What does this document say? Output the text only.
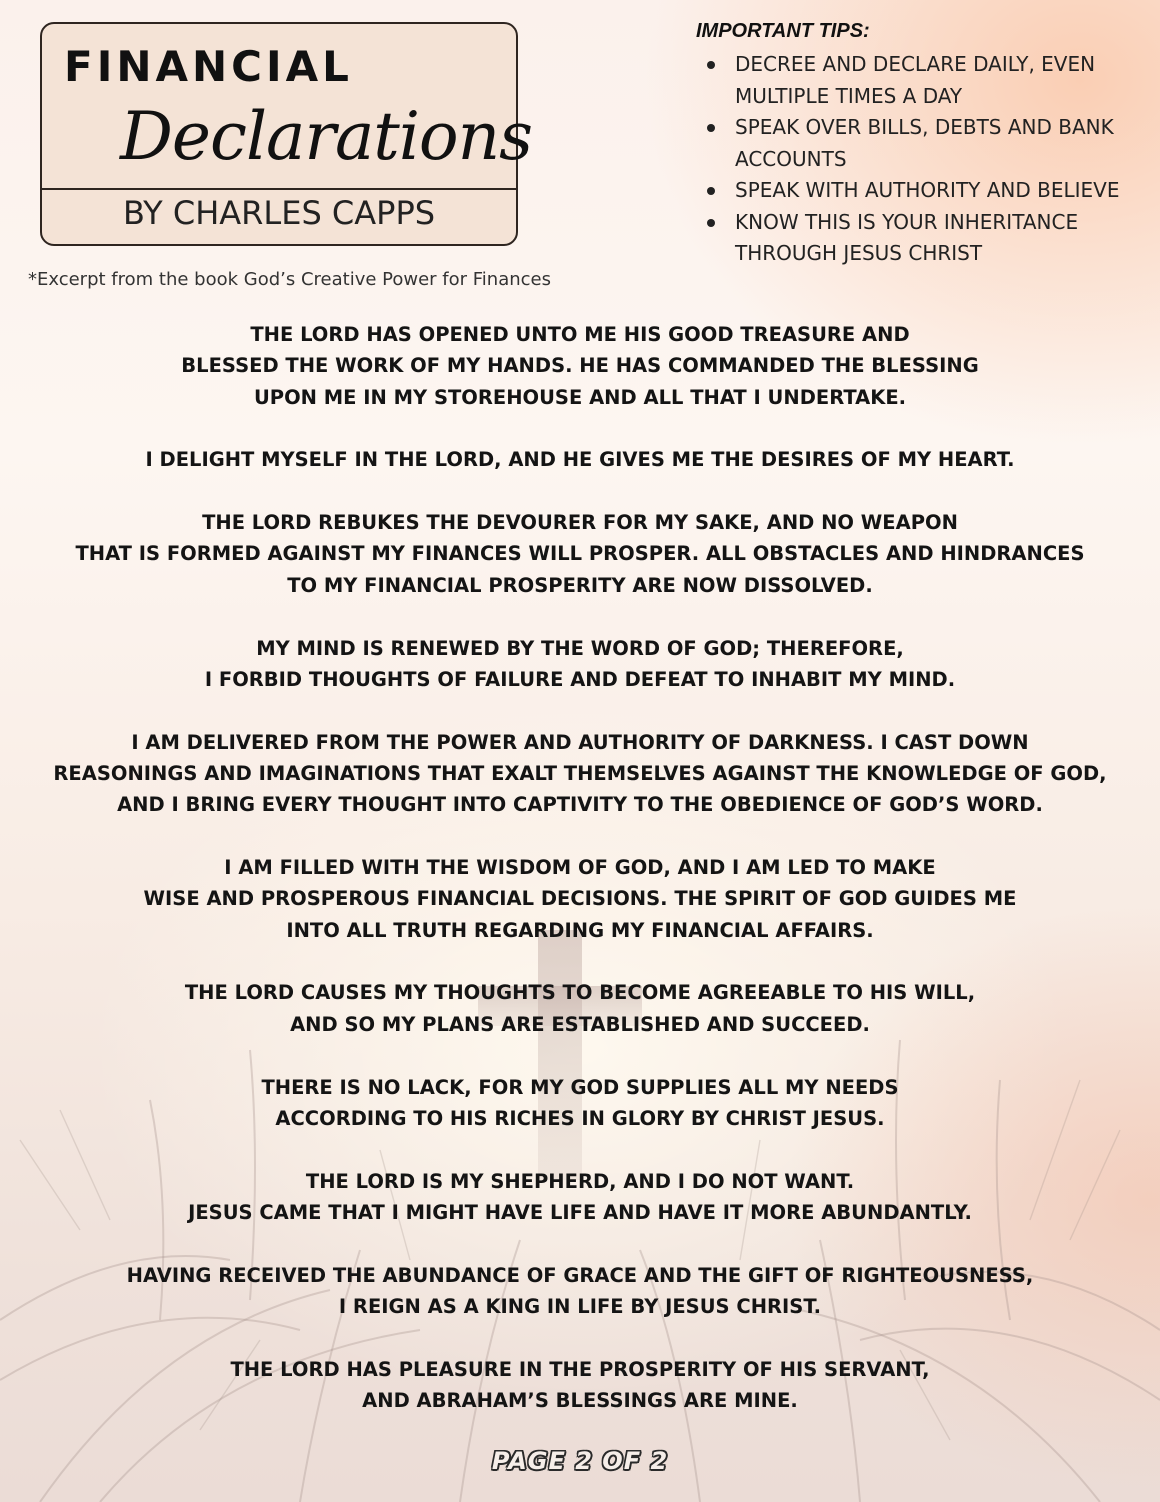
FINANCIAL
Declarations
BY CHARLES CAPPS
*Excerpt from the book God’s Creative Power for Finances
IMPORTANT TIPS:
DECREE AND DECLARE DAILY, EVEN MULTIPLE TIMES A DAY
SPEAK OVER BILLS, DEBTS AND BANK ACCOUNTS
SPEAK WITH AUTHORITY AND BELIEVE
KNOW THIS IS YOUR INHERITANCE THROUGH JESUS CHRIST

THE LORD HAS OPENED UNTO ME HIS GOOD TREASURE AND
BLESSED THE WORK OF MY HANDS. HE HAS COMMANDED THE BLESSING
UPON ME IN MY STOREHOUSE AND ALL THAT I UNDERTAKE.

I DELIGHT MYSELF IN THE LORD, AND HE GIVES ME THE DESIRES OF MY HEART.

THE LORD REBUKES THE DEVOURER FOR MY SAKE, AND NO WEAPON
THAT IS FORMED AGAINST MY FINANCES WILL PROSPER. ALL OBSTACLES AND HINDRANCES
TO MY FINANCIAL PROSPERITY ARE NOW DISSOLVED.

MY MIND IS RENEWED BY THE WORD OF GOD; THEREFORE,
I FORBID THOUGHTS OF FAILURE AND DEFEAT TO INHABIT MY MIND.

I AM DELIVERED FROM THE POWER AND AUTHORITY OF DARKNESS. I CAST DOWN
REASONINGS AND IMAGINATIONS THAT EXALT THEMSELVES AGAINST THE KNOWLEDGE OF GOD,
AND I BRING EVERY THOUGHT INTO CAPTIVITY TO THE OBEDIENCE OF GOD’S WORD.

I AM FILLED WITH THE WISDOM OF GOD, AND I AM LED TO MAKE
WISE AND PROSPEROUS FINANCIAL DECISIONS. THE SPIRIT OF GOD GUIDES ME
INTO ALL TRUTH REGARDING MY FINANCIAL AFFAIRS.

THE LORD CAUSES MY THOUGHTS TO BECOME AGREEABLE TO HIS WILL,
AND SO MY PLANS ARE ESTABLISHED AND SUCCEED.

THERE IS NO LACK, FOR MY GOD SUPPLIES ALL MY NEEDS
ACCORDING TO HIS RICHES IN GLORY BY CHRIST JESUS.

THE LORD IS MY SHEPHERD, AND I DO NOT WANT.
JESUS CAME THAT I MIGHT HAVE LIFE AND HAVE IT MORE ABUNDANTLY.

HAVING RECEIVED THE ABUNDANCE OF GRACE AND THE GIFT OF RIGHTEOUSNESS,
I REIGN AS A KING IN LIFE BY JESUS CHRIST.

THE LORD HAS PLEASURE IN THE PROSPERITY OF HIS SERVANT,
AND ABRAHAM’S BLESSINGS ARE MINE.

PAGE 2 OF 2
